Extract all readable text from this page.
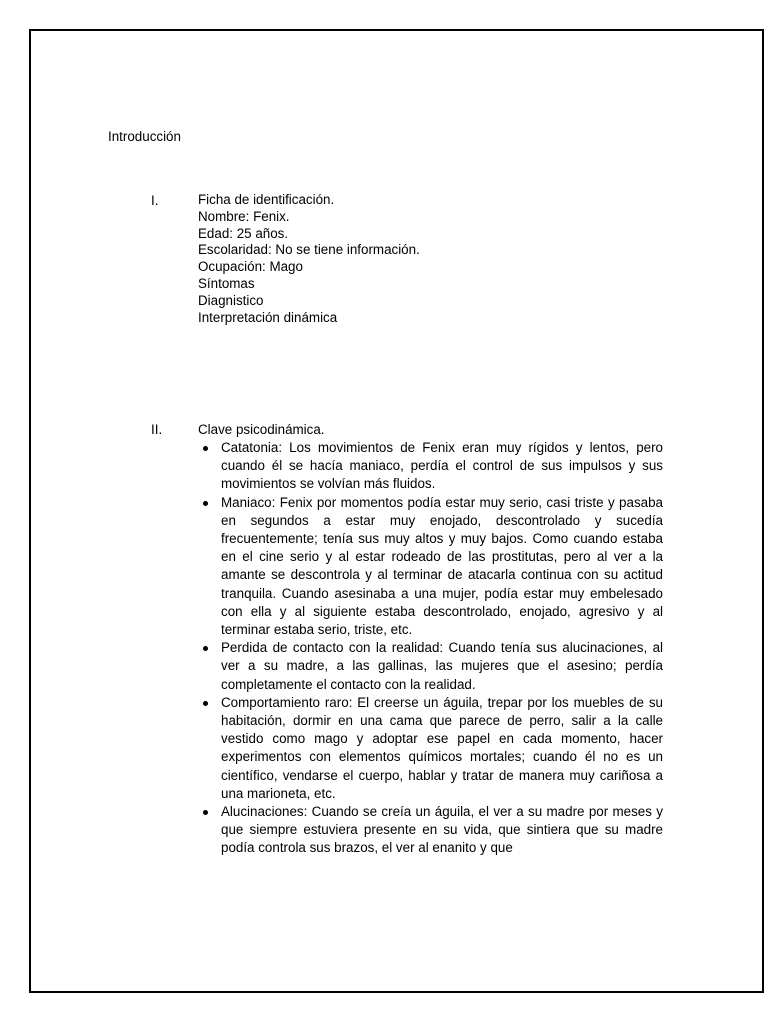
Introducción
I.	Ficha de identificación.
Nombre: Fenix.
Edad: 25 años.
Escolaridad: No se tiene información.
Ocupación: Mago
Síntomas
Diagnistico
Interpretación dinámica
II.	Clave psicodinámica.

Catatonia: Los movimientos de Fenix eran muy rígidos y lentos, pero cuando él se hacía maniaco, perdía el control de sus impulsos y sus movimientos se volvían más fluidos.

Maniaco: Fenix por momentos podía estar muy serio, casi triste y pasaba en segundos a estar muy enojado, descontrolado y sucedía frecuentemente; tenía sus muy altos y muy bajos. Como cuando estaba en el cine serio y al estar rodeado de las prostitutas, pero al ver a la amante se descontrola y al terminar de atacarla continua con su actitud tranquila. Cuando asesinaba a una mujer, podía estar muy embelesado con ella y al siguiente estaba descontrolado, enojado, agresivo y al terminar estaba serio, triste, etc.

Perdida de contacto con la realidad: Cuando tenía sus alucinaciones, al ver a su madre, a las gallinas, las mujeres que el asesino; perdía completamente el contacto con la realidad.

Comportamiento raro: El creerse un águila, trepar por los muebles de su habitación, dormir en una cama que parece de perro, salir a la calle vestido como mago y adoptar ese papel en cada momento, hacer experimentos con elementos químicos mortales; cuando él no es un científico, vendarse el cuerpo, hablar y tratar de manera muy cariñosa a una marioneta, etc.

Alucinaciones: Cuando se creía un águila, el ver a su madre por meses y que siempre estuviera presente en su vida, que sintiera que su madre podía controla sus brazos, el ver al enanito y que
